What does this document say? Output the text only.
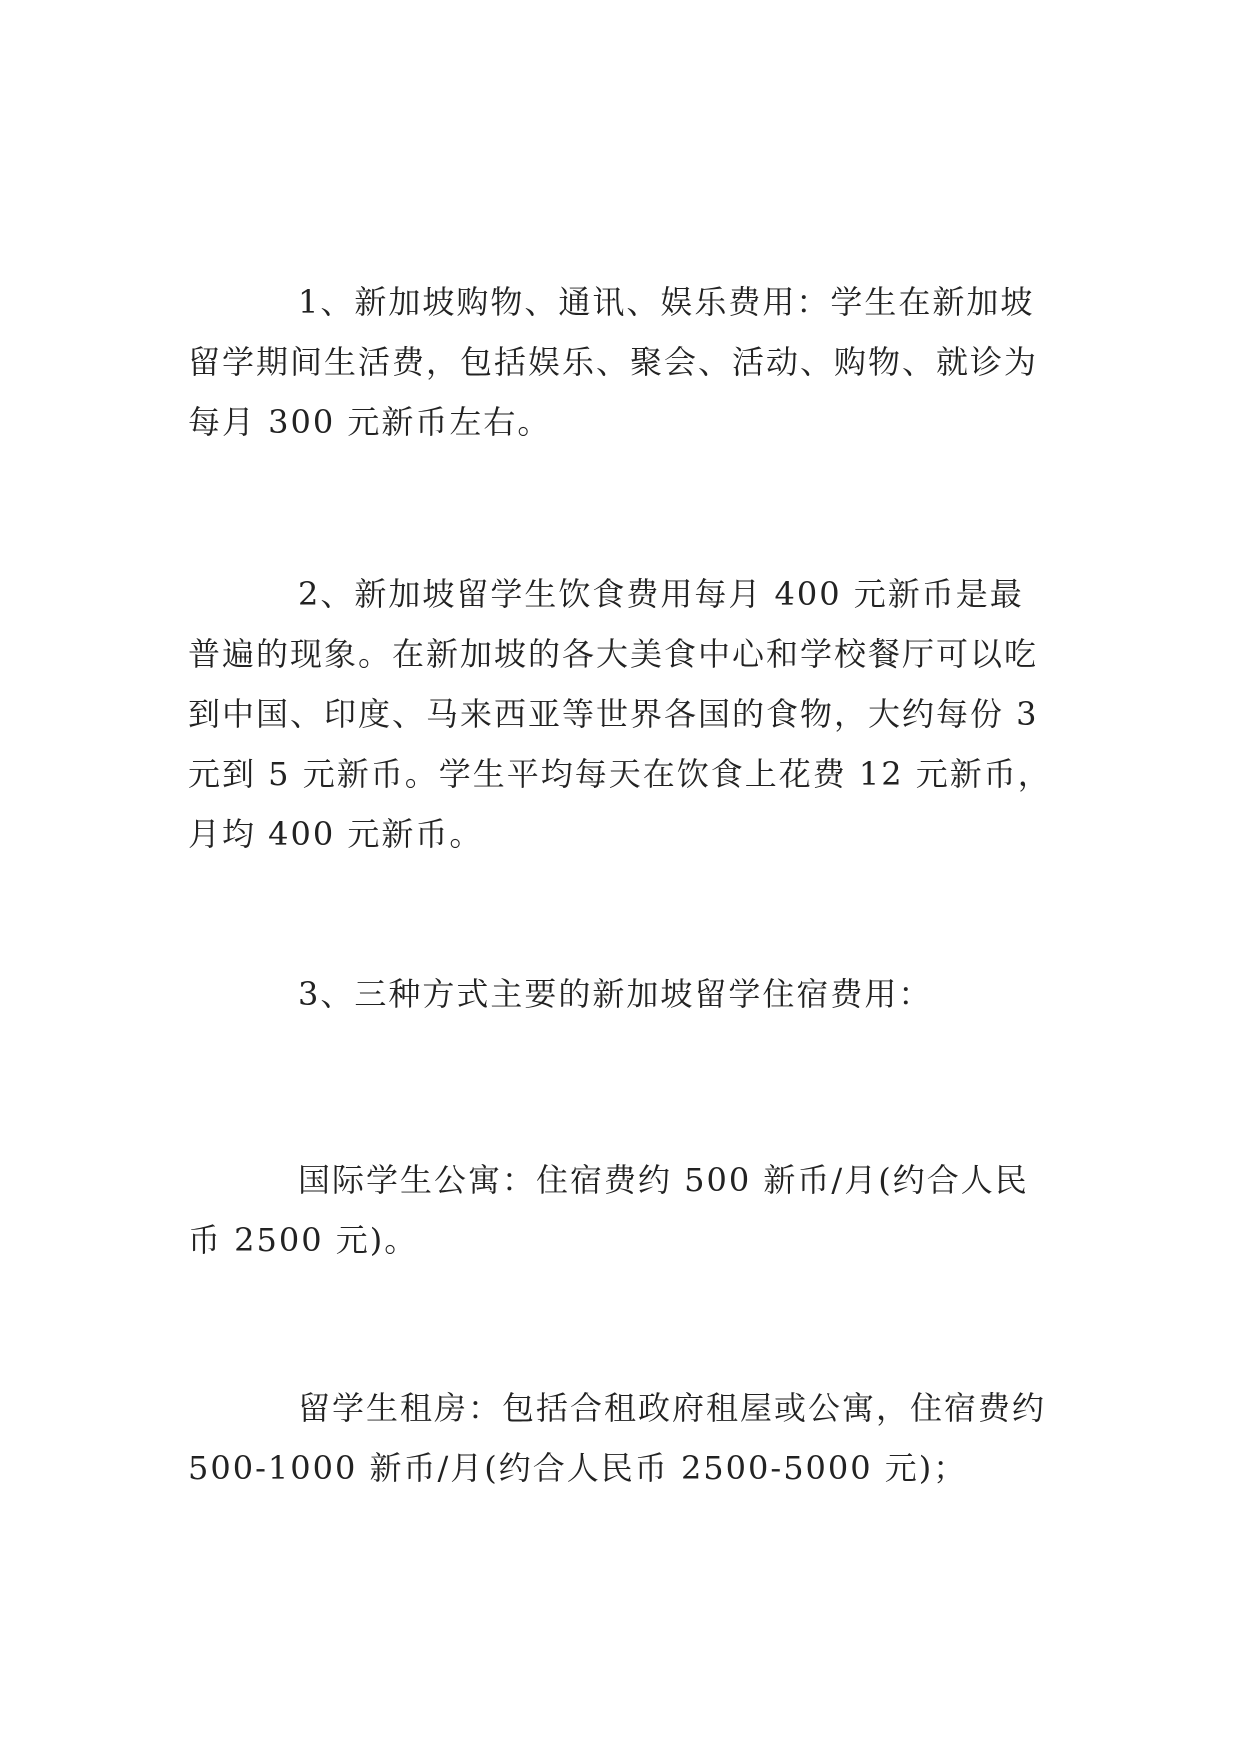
1、新加坡购物、通讯、娱乐费用：学生在新加坡留学期间生活费，包括娱乐、聚会、活动、购物、就诊为每月 300 元新币左右。

2、新加坡留学生饮食费用每月 400 元新币是最普遍的现象。在新加坡的各大美食中心和学校餐厅可以吃到中国、印度、马来西亚等世界各国的食物，大约每份 3 元到 5 元新币。学生平均每天在饮食上花费 12 元新币，月均 400 元新币。

3、三种方式主要的新加坡留学住宿费用：

国际学生公寓：住宿费约 500 新币/月(约合人民币 2500 元)。

留学生租房：包括合租政府租屋或公寓，住宿费约 500-1000 新币/月(约合人民币 2500-5000 元)；
